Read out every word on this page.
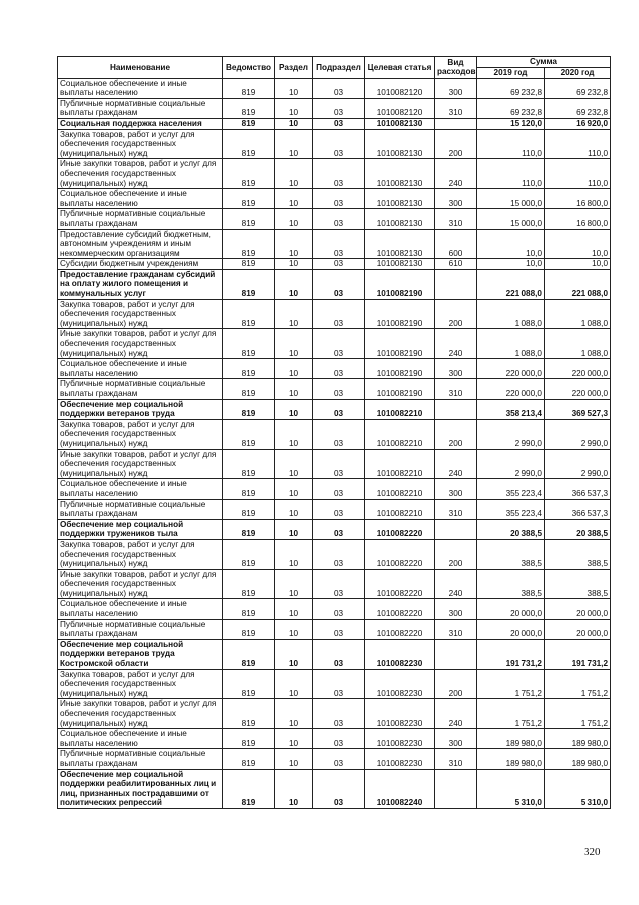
Наименование	Ведомство	Раздел	Подраздел	Целевая статья	Вид расходов	Сумма	
						2019 год	2020 год
Социальное обеспечение и иные выплаты населению	819	10	03	1010082120	300	69 232,8	69 232,8
Публичные нормативные социальные выплаты гражданам	819	10	03	1010082120	310	69 232,8	69 232,8
Социальная поддержка населения	819	10	03	1010082130		15 120,0	16 920,0
Закупка товаров, работ и услуг для обеспечения государственных (муниципальных) нужд	819	10	03	1010082130	200	110,0	110,0
Иные закупки товаров, работ и услуг для обеспечения государственных (муниципальных) нужд	819	10	03	1010082130	240	110,0	110,0
Социальное обеспечение и иные выплаты населению	819	10	03	1010082130	300	15 000,0	16 800,0
Публичные нормативные социальные выплаты гражданам	819	10	03	1010082130	310	15 000,0	16 800,0
Предоставление субсидий бюджетным, автономным учреждениям и иным некоммерческим организациям	819	10	03	1010082130	600	10,0	10,0
Субсидии бюджетным учреждениям	819	10	03	1010082130	610	10,0	10,0
Предоставление гражданам субсидий на оплату жилого помещения и коммунальных услуг	819	10	03	1010082190		221 088,0	221 088,0
Закупка товаров, работ и услуг для обеспечения государственных (муниципальных) нужд	819	10	03	1010082190	200	1 088,0	1 088,0
Иные закупки товаров, работ и услуг для обеспечения государственных (муниципальных) нужд	819	10	03	1010082190	240	1 088,0	1 088,0
Социальное обеспечение и иные выплаты населению	819	10	03	1010082190	300	220 000,0	220 000,0
Публичные нормативные социальные выплаты гражданам	819	10	03	1010082190	310	220 000,0	220 000,0
Обеспечение мер социальной поддержки ветеранов труда	819	10	03	1010082210		358 213,4	369 527,3
Закупка товаров, работ и услуг для обеспечения государственных (муниципальных) нужд	819	10	03	1010082210	200	2 990,0	2 990,0
Иные закупки товаров, работ и услуг для обеспечения государственных (муниципальных) нужд	819	10	03	1010082210	240	2 990,0	2 990,0
Социальное обеспечение и иные выплаты населению	819	10	03	1010082210	300	355 223,4	366 537,3
Публичные нормативные социальные выплаты гражданам	819	10	03	1010082210	310	355 223,4	366 537,3
Обеспечение мер социальной поддержки тружеников тыла	819	10	03	1010082220		20 388,5	20 388,5
Закупка товаров, работ и услуг для обеспечения государственных (муниципальных) нужд	819	10	03	1010082220	200	388,5	388,5
Иные закупки товаров, работ и услуг для обеспечения государственных (муниципальных) нужд	819	10	03	1010082220	240	388,5	388,5
Социальное обеспечение и иные выплаты населению	819	10	03	1010082220	300	20 000,0	20 000,0
Публичные нормативные социальные выплаты гражданам	819	10	03	1010082220	310	20 000,0	20 000,0
Обеспечение мер социальной поддержки ветеранов труда Костромской области	819	10	03	1010082230		191 731,2	191 731,2
Закупка товаров, работ и услуг для обеспечения государственных (муниципальных) нужд	819	10	03	1010082230	200	1 751,2	1 751,2
Иные закупки товаров, работ и услуг для обеспечения государственных (муниципальных) нужд	819	10	03	1010082230	240	1 751,2	1 751,2
Социальное обеспечение и иные выплаты населению	819	10	03	1010082230	300	189 980,0	189 980,0
Публичные нормативные социальные выплаты гражданам	819	10	03	1010082230	310	189 980,0	189 980,0
Обеспечение мер социальной поддержки реабилитированных лиц и лиц, признанных пострадавшими от политических репрессий	819	10	03	1010082240		5 310,0	5 310,0
320
